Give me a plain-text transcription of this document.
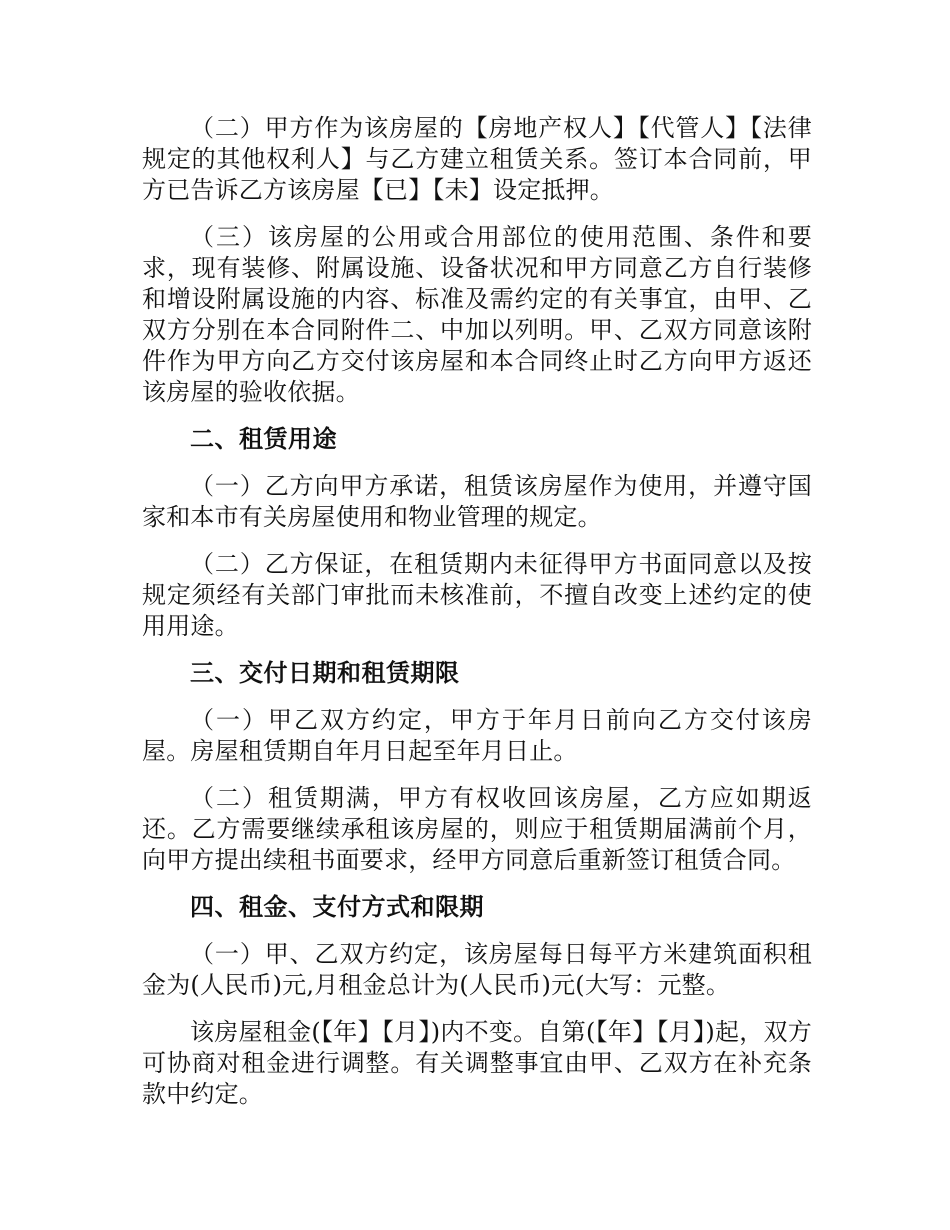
（二）甲方作为该房屋的【房地产权人】【代管人】【法律规定的其他权利人】与乙方建立租赁关系。签订本合同前，甲方已告诉乙方该房屋【已】【未】设定抵押。

（三）该房屋的公用或合用部位的使用范围、条件和要求，现有装修、附属设施、设备状况和甲方同意乙方自行装修和增设附属设施的内容、标准及需约定的有关事宜，由甲、乙双方分别在本合同附件二、中加以列明。甲、乙双方同意该附件作为甲方向乙方交付该房屋和本合同终止时乙方向甲方返还该房屋的验收依据。

二、租赁用途

（一）乙方向甲方承诺，租赁该房屋作为使用，并遵守国家和本市有关房屋使用和物业管理的规定。

（二）乙方保证，在租赁期内未征得甲方书面同意以及按规定须经有关部门审批而未核准前，不擅自改变上述约定的使用用途。

三、交付日期和租赁期限

（一）甲乙双方约定，甲方于年月日前向乙方交付该房屋。房屋租赁期自年月日起至年月日止。

（二）租赁期满，甲方有权收回该房屋，乙方应如期返还。乙方需要继续承租该房屋的，则应于租赁期届满前个月，向甲方提出续租书面要求，经甲方同意后重新签订租赁合同。

四、租金、支付方式和限期

（一）甲、乙双方约定，该房屋每日每平方米建筑面积租金为(人民币)元,月租金总计为(人民币)元(大写：元整。

该房屋租金(【年】【月】)内不变。自第(【年】【月】)起，双方可协商对租金进行调整。有关调整事宜由甲、乙双方在补充条款中约定。
